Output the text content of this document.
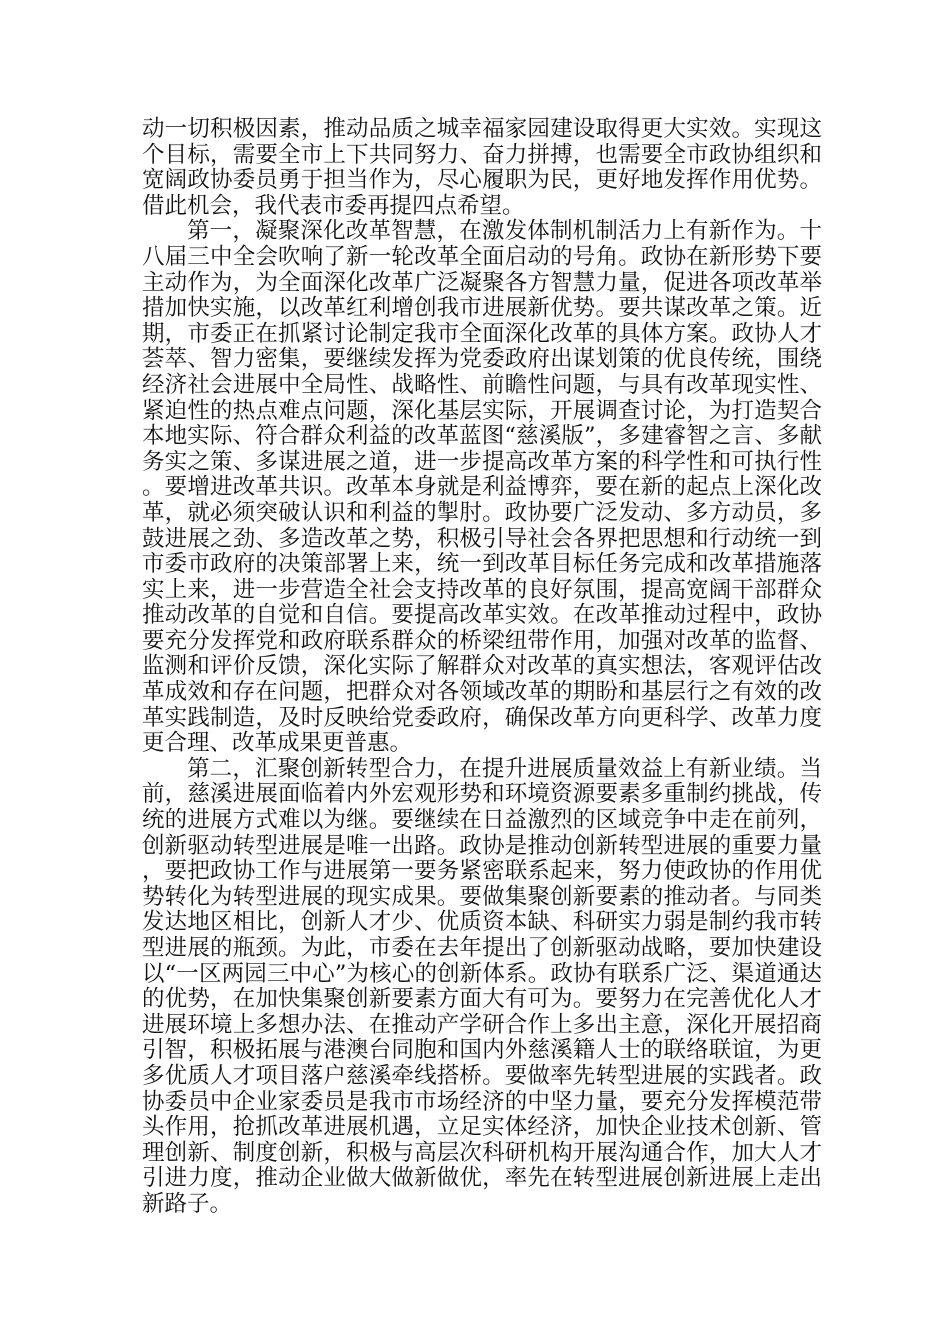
动一切积极因素，推动品质之城幸福家园建设取得更大实效。实现这个目标，需要全市上下共同努力、奋力拼搏，也需要全市政协组织和宽阔政协委员勇于担当作为，尽心履职为民，更好地发挥作用优势。借此机会，我代表市委再提四点希望。

第一，凝聚深化改革智慧，在激发体制机制活力上有新作为。十八届三中全会吹响了新一轮改革全面启动的号角。政协在新形势下要主动作为，为全面深化改革广泛凝聚各方智慧力量，促进各项改革举措加快实施，以改革红利增创我市进展新优势。要共谋改革之策。近期，市委正在抓紧讨论制定我市全面深化改革的具体方案。政协人才荟萃、智力密集，要继续发挥为党委政府出谋划策的优良传统，围绕经济社会进展中全局性、战略性、前瞻性问题，与具有改革现实性、紧迫性的热点难点问题，深化基层实际，开展调查讨论，为打造契合本地实际、符合群众利益的改革蓝图“慈溪版”，多建睿智之言、多献务实之策、多谋进展之道，进一步提高改革方案的科学性和可执行性。要增进改革共识。改革本身就是利益博弈，要在新的起点上深化改革，就必须突破认识和利益的掣肘。政协要广泛发动、多方动员，多鼓进展之劲、多造改革之势，积极引导社会各界把思想和行动统一到市委市政府的决策部署上来，统一到改革目标任务完成和改革措施落实上来，进一步营造全社会支持改革的良好氛围，提高宽阔干部群众推动改革的自觉和自信。要提高改革实效。在改革推动过程中，政协要充分发挥党和政府联系群众的桥梁纽带作用，加强对改革的监督、监测和评价反馈，深化实际了解群众对改革的真实想法，客观评估改革成效和存在问题，把群众对各领域改革的期盼和基层行之有效的改革实践制造，及时反映给党委政府，确保改革方向更科学、改革力度更合理、改革成果更普惠。

第二，汇聚创新转型合力，在提升进展质量效益上有新业绩。当前，慈溪进展面临着内外宏观形势和环境资源要素多重制约挑战，传统的进展方式难以为继。要继续在日益激烈的区域竞争中走在前列，创新驱动转型进展是唯一出路。政协是推动创新转型进展的重要力量，要把政协工作与进展第一要务紧密联系起来，努力使政协的作用优势转化为转型进展的现实成果。要做集聚创新要素的推动者。与同类发达地区相比，创新人才少、优质资本缺、科研实力弱是制约我市转型进展的瓶颈。为此，市委在去年提出了创新驱动战略，要加快建设以“一区两园三中心”为核心的创新体系。政协有联系广泛、渠道通达的优势，在加快集聚创新要素方面大有可为。要努力在完善优化人才进展环境上多想办法、在推动产学研合作上多出主意，深化开展招商引智，积极拓展与港澳台同胞和国内外慈溪籍人士的联络联谊，为更多优质人才项目落户慈溪牵线搭桥。要做率先转型进展的实践者。政协委员中企业家委员是我市市场经济的中坚力量，要充分发挥模范带头作用，抢抓改革进展机遇，立足实体经济，加快企业技术创新、管理创新、制度创新，积极与高层次科研机构开展沟通合作，加大人才引进力度，推动企业做大做新做优，率先在转型进展创新进展上走出新路子。
